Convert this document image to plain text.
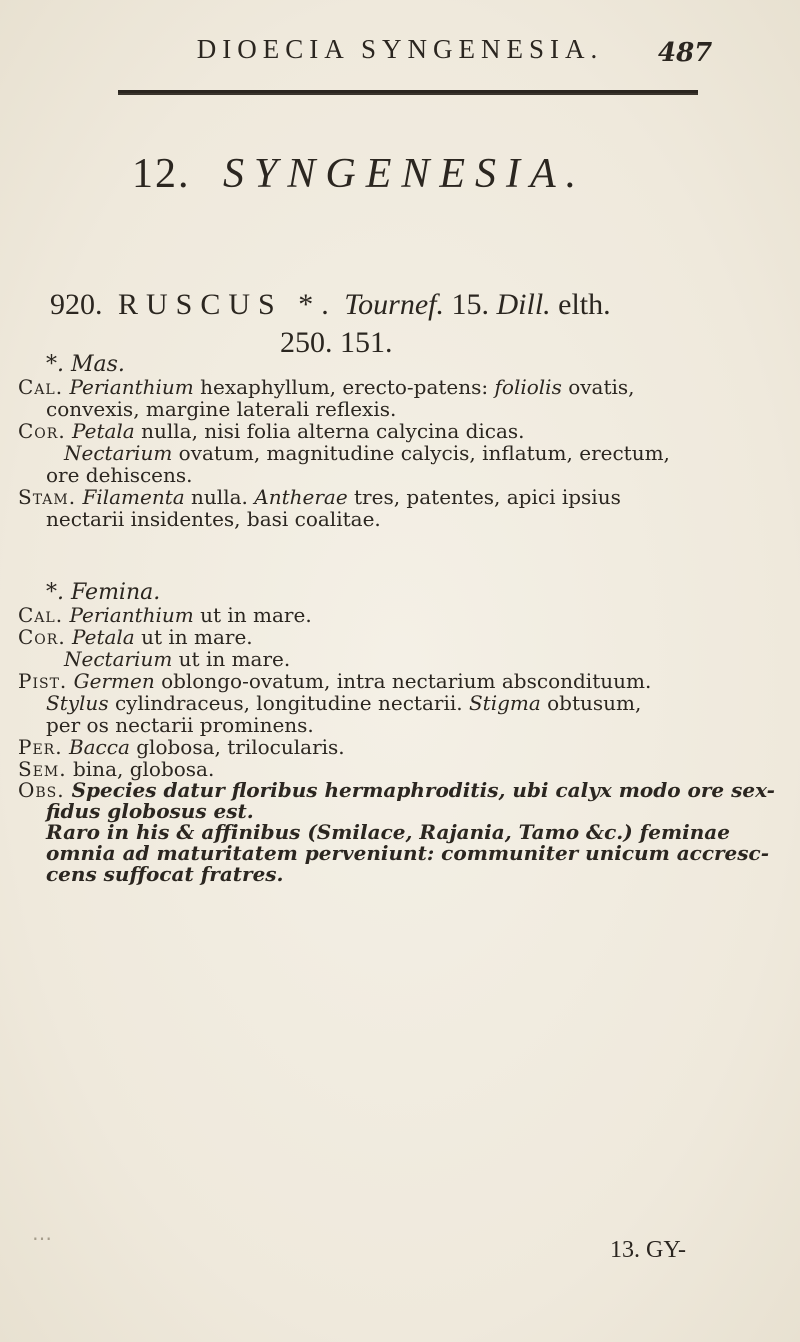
DIOECIA SYNGENESIA.	487
12. SYNGENESIA.
920. RUSCUS *. Tournef. 15. Dill. elth.
250. 151.
*. Mas.
Cal. Perianthium hexaphyllum, erecto-patens: foliolis ovatis,
convexis, margine laterali reflexis.
Cor. Petala nulla, nisi folia alterna calycina dicas.
Nectarium ovatum, magnitudine calycis, inflatum, erectum,
ore dehiscens.
Stam. Filamenta nulla. Antherae tres, patentes, apici ipsius
nectarii insidentes, basi coalitae.
*. Femina.
Cal. Perianthium ut in mare.
Cor. Petala ut in mare.
Nectarium ut in mare.
Pist. Germen oblongo-ovatum, intra nectarium abscondituum.
Stylus cylindraceus, longitudine nectarii. Stigma obtusum,
per os nectarii prominens.
Per. Bacca globosa, trilocularis.
Sem. bina, globosa.
Obs. Species datur floribus hermaphroditis, ubi calyx modo ore sex-
fidus globosus est.
Raro in his & affinibus (Smilace, Rajania, Tamo &c.) feminae
omnia ad maturitatem perveniunt: communiter unicum accresc-
cens suffocat fratres.
⋯	13. GY-
